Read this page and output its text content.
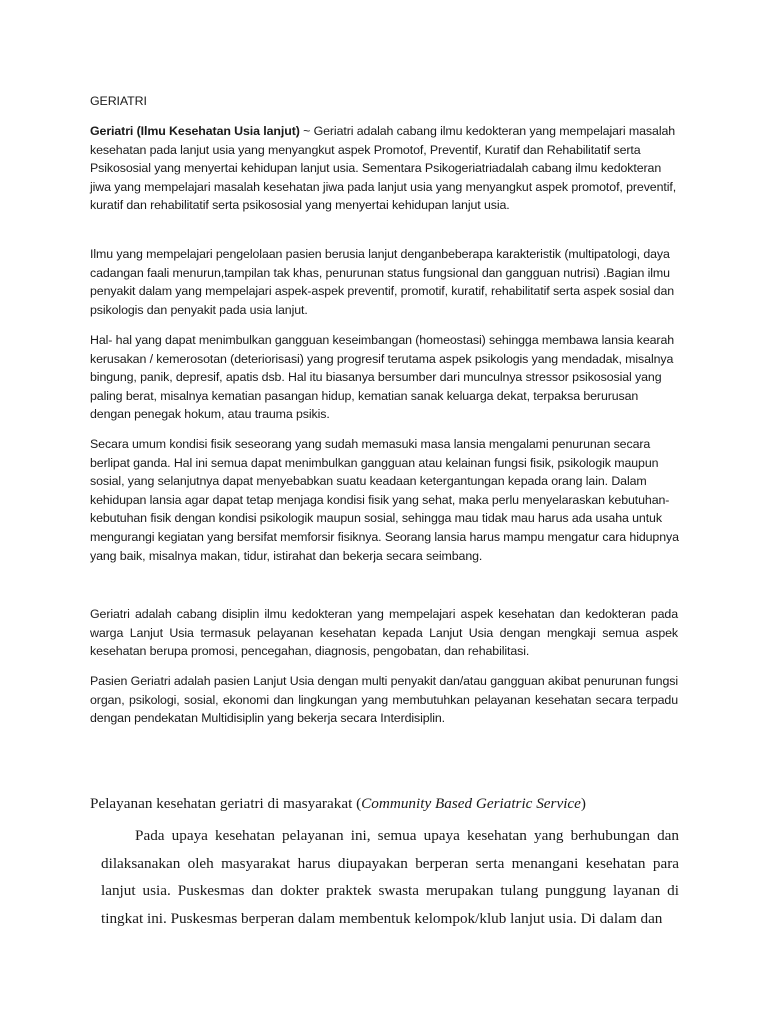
GERIATRI

Geriatri (Ilmu Kesehatan Usia lanjut) ~ Geriatri adalah cabang ilmu kedokteran yang mempelajari masalah kesehatan pada lanjut usia yang menyangkut aspek Promotof, Preventif, Kuratif dan Rehabilitatif serta Psikososial yang menyertai kehidupan lanjut usia. Sementara Psikogeriatriadalah cabang ilmu kedokteran jiwa yang mempelajari masalah kesehatan jiwa pada lanjut usia yang menyangkut aspek promotof, preventif, kuratif dan rehabilitatif serta psikososial yang menyertai kehidupan lanjut usia.

Ilmu yang mempelajari pengelolaan pasien berusia lanjut denganbeberapa karakteristik (multipatologi, daya cadangan faali menurun,tampilan tak khas, penurunan status fungsional dan gangguan nutrisi) .Bagian ilmu penyakit dalam yang mempelajari aspek-aspek preventif, promotif, kuratif, rehabilitatif serta aspek sosial dan psikologis dan penyakit pada usia lanjut.

Hal- hal yang dapat menimbulkan gangguan keseimbangan (homeostasi) sehingga membawa lansia kearah kerusakan / kemerosotan (deteriorisasi) yang progresif terutama aspek psikologis yang mendadak, misalnya bingung, panik, depresif, apatis dsb. Hal itu biasanya bersumber dari munculnya stressor psikososial yang paling berat, misalnya kematian pasangan hidup, kematian sanak keluarga dekat, terpaksa berurusan dengan penegak hokum, atau trauma psikis.

Secara umum kondisi fisik seseorang yang sudah memasuki masa lansia mengalami penurunan secara berlipat ganda. Hal ini semua dapat menimbulkan gangguan atau kelainan fungsi fisik, psikologik maupun sosial, yang selanjutnya dapat menyebabkan suatu keadaan ketergantungan kepada orang lain. Dalam kehidupan lansia agar dapat tetap menjaga kondisi fisik yang sehat, maka perlu menyelaraskan kebutuhan-kebutuhan fisik dengan kondisi psikologik maupun sosial, sehingga mau tidak mau harus ada usaha untuk mengurangi kegiatan yang bersifat memforsir fisiknya. Seorang lansia harus mampu mengatur cara hidupnya yang baik, misalnya makan, tidur, istirahat dan bekerja secara seimbang.

Geriatri adalah cabang disiplin ilmu kedokteran yang mempelajari aspek kesehatan dan kedokteran pada warga Lanjut Usia termasuk pelayanan kesehatan kepada Lanjut Usia dengan mengkaji semua aspek kesehatan berupa promosi, pencegahan, diagnosis, pengobatan, dan rehabilitasi.

Pasien Geriatri adalah pasien Lanjut Usia dengan multi penyakit dan/atau gangguan akibat penurunan fungsi organ, psikologi, sosial, ekonomi dan lingkungan yang membutuhkan pelayanan kesehatan secara terpadu dengan pendekatan Multidisiplin yang bekerja secara Interdisiplin.

Pelayanan kesehatan geriatri di masyarakat (Community Based Geriatric Service)
Pada upaya kesehatan pelayanan ini, semua upaya kesehatan yang berhubungan dan dilaksanakan oleh masyarakat harus diupayakan berperan serta menangani kesehatan para lanjut usia. Puskesmas dan dokter praktek swasta merupakan tulang punggung layanan di tingkat ini. Puskesmas berperan dalam membentuk kelompok/klub lanjut usia. Di dalam dan
